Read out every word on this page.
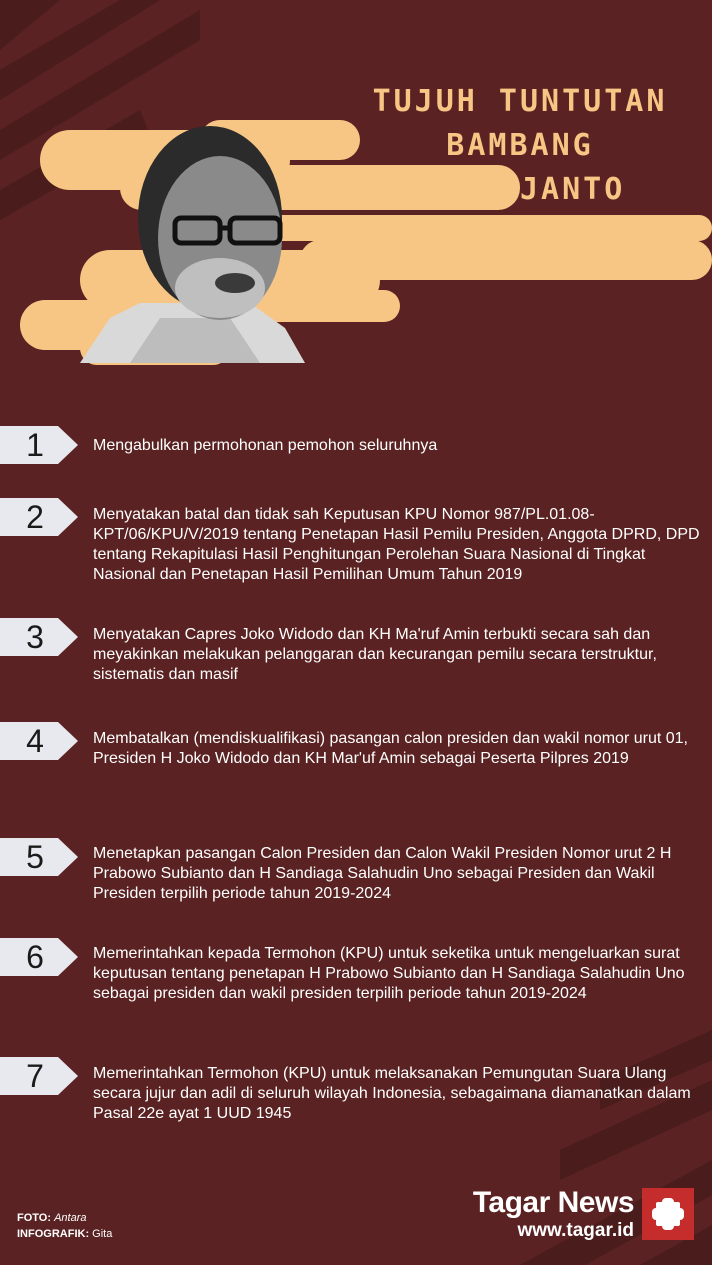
TUJUH TUNTUTAN
BAMBANG
WIDJOJANTO
1	Mengabulkan permohonan pemohon seluruhnya
2	Menyatakan batal dan tidak sah Keputusan KPU Nomor 987/PL.01.08-KPT/06/KPU/V/2019 tentang Penetapan Hasil Pemilu Presiden, Anggota DPRD, DPD tentang Rekapitulasi Hasil Penghitungan Perolehan Suara Nasional di Tingkat Nasional dan Penetapan Hasil Pemilihan Umum Tahun 2019
3	Menyatakan Capres Joko Widodo dan KH Ma'ruf Amin terbukti secara sah dan meyakinkan melakukan pelanggaran dan kecurangan pemilu secara terstruktur, sistematis dan masif
4	Membatalkan (mendiskualifikasi) pasangan calon presiden dan wakil nomor urut 01, Presiden H Joko Widodo dan KH Mar'uf Amin sebagai Peserta Pilpres 2019
5	Menetapkan pasangan Calon Presiden dan Calon Wakil Presiden Nomor urut 2 H Prabowo Subianto dan H Sandiaga Salahudin Uno sebagai Presiden dan Wakil Presiden terpilih periode tahun 2019-2024
6	Memerintahkan kepada Termohon (KPU) untuk seketika untuk mengeluarkan surat keputusan tentang penetapan H Prabowo Subianto dan H Sandiaga Salahudin Uno sebagai presiden dan wakil presiden terpilih periode tahun 2019-2024
7	Memerintahkan Termohon (KPU) untuk melaksanakan Pemungutan Suara Ulang secara jujur dan adil di seluruh wilayah Indonesia, sebagaimana diamanatkan dalam Pasal 22e ayat 1 UUD 1945
FOTO: Antara
INFOGRAFIK: Gita
Tagar News
www.tagar.id
